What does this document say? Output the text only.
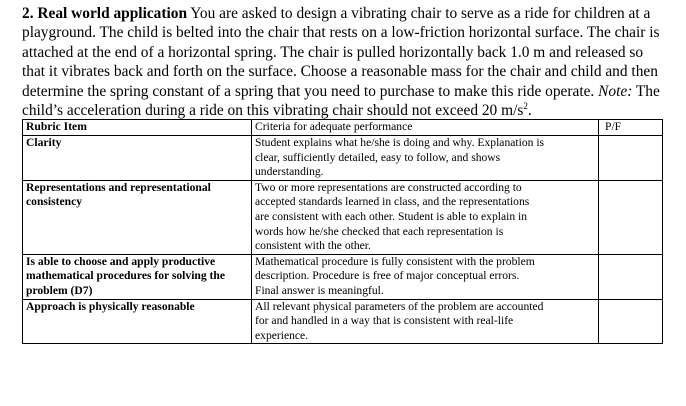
2. Real world application You are asked to design a vibrating chair to serve as a ride for children at a playground. The child is belted into the chair that rests on a low-friction horizontal surface. The chair is attached at the end of a horizontal spring. The chair is pulled horizontally back 1.0 m and released so that it vibrates back and forth on the surface. Choose a reasonable mass for the chair and child and then determine the spring constant of a spring that you need to purchase to make this ride operate. Note: The child’s acceleration during a ride on this vibrating chair should not exceed 20 $m/s^2$.

Rubric Item	Criteria for adequate performance	P/F
Clarity	Student explains what he/she is doing and why. Explanation is
clear, sufficiently detailed, easy to follow, and shows
understanding.	

Representations and representational consistency	Two or more representations are constructed according to
accepted standards learned in class, and the representations
are consistent with each other. Student is able to explain in
words how he/she checked that each representation is
consistent with the other.	

Is able to choose and apply productive mathematical procedures for solving the problem (D7)	Mathematical procedure is fully consistent with the problem
description. Procedure is free of major conceptual errors.
Final answer is meaningful.	

Approach is physically reasonable	All relevant physical parameters of the problem are accounted
for and handled in a way that is consistent with real-life
experience.	
